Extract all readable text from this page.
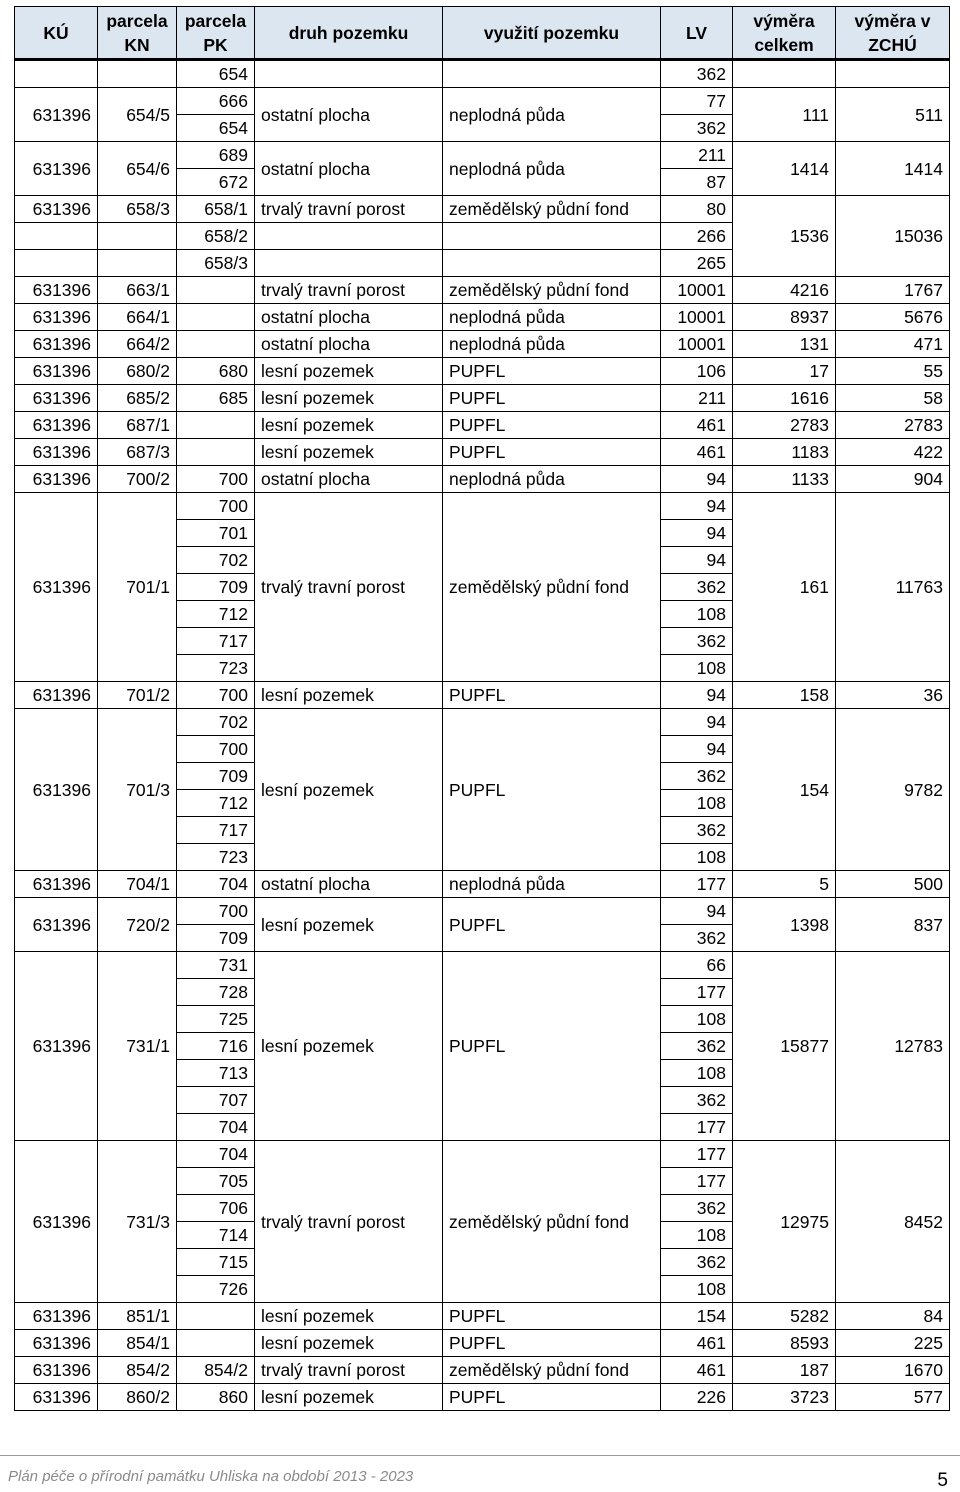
KÚ	parcela KN	parcela PK	druh pozemku	využití pozemku	LV	výměra celkem	výměra v ZCHÚ
		654			362		
631396	654/5	666	ostatní plocha	neplodná půda	77	111	511
		654			362		
631396	654/6	689	ostatní plocha	neplodná půda	211	1414	1414
		672			87		
631396	658/3	658/1	trvalý travní porost	zemědělský půdní fond	80	1536	15036
		658/2			266		
		658/3			265		
631396	663/1		trvalý travní porost	zemědělský půdní fond	10001	4216	1767
631396	664/1		ostatní plocha	neplodná půda	10001	8937	5676
631396	664/2		ostatní plocha	neplodná půda	10001	131	471
631396	680/2	680	lesní pozemek	PUPFL	106	17	55
631396	685/2	685	lesní pozemek	PUPFL	211	1616	58
631396	687/1		lesní pozemek	PUPFL	461	2783	2783
631396	687/3		lesní pozemek	PUPFL	461	1183	422
631396	700/2	700	ostatní plocha	neplodná půda	94	1133	904
631396	701/1	700	trvalý travní porost	zemědělský půdní fond	94	161	11763
		701			94		
		702			94		
		709			362		
		712			108		
		717			362		
		723			108		
631396	701/2	700	lesní pozemek	PUPFL	94	158	36
631396	701/3	702	lesní pozemek	PUPFL	94	154	9782
		700			94		
		709			362		
		712			108		
		717			362		
		723			108		
631396	704/1	704	ostatní plocha	neplodná půda	177	5	500
631396	720/2	700	lesní pozemek	PUPFL	94	1398	837
		709			362		
631396	731/1	731	lesní pozemek	PUPFL	66	15877	12783
		728			177		
		725			108		
		716			362		
		713			108		
		707			362		
		704			177		
631396	731/3	704	trvalý travní porost	zemědělský půdní fond	177	12975	8452
		705			177		
		706			362		
		714			108		
		715			362		
		726			108		
631396	851/1		lesní pozemek	PUPFL	154	5282	84
631396	854/1		lesní pozemek	PUPFL	461	8593	225
631396	854/2	854/2	trvalý travní porost	zemědělský půdní fond	461	187	1670
631396	860/2	860	lesní pozemek	PUPFL	226	3723	577
Plán péče o přírodní památku Uhliska na období 2013 - 2023	5
